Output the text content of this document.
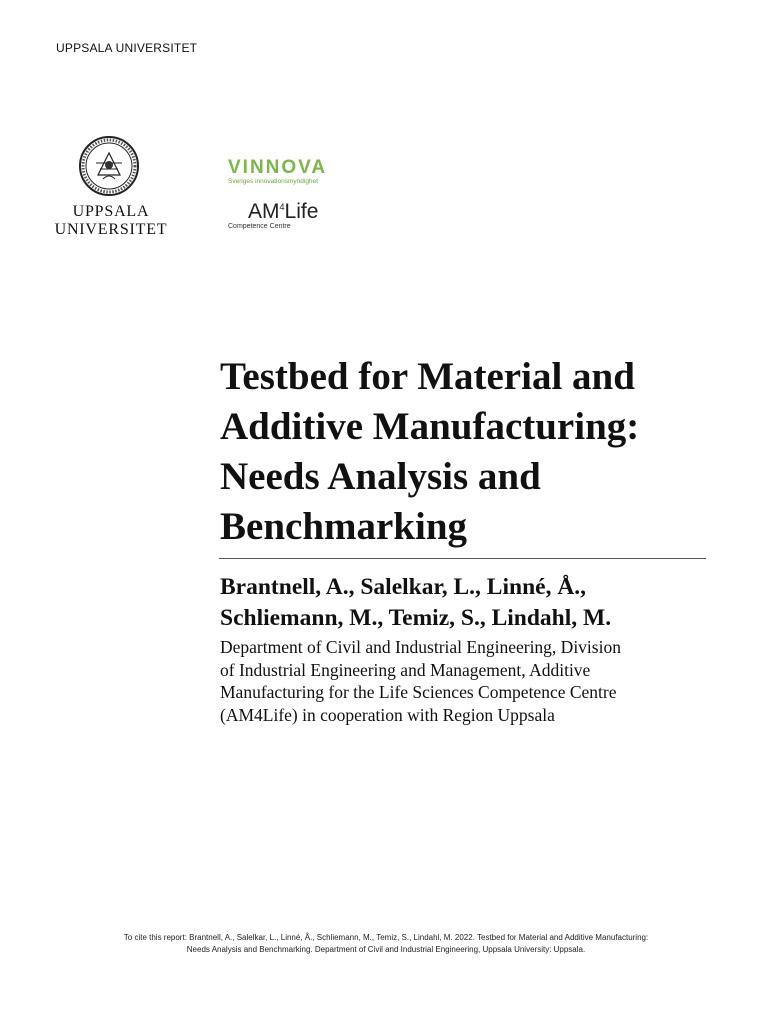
UPPSALA UNIVERSITET
UPPSALA
UNIVERSITET
VINNOVA
Sveriges innovationsmyndighet
$AM^4Life$
Competence Centre
Testbed for Material and
Additive Manufacturing:
Needs Analysis and
Benchmarking
Brantnell, A., Salelkar, L., Linné, Å.,
Schliemann, M., Temiz, S., Lindahl, M.
Department of Civil and Industrial Engineering, Division
of Industrial Engineering and Management, Additive
Manufacturing for the Life Sciences Competence Centre
(AM4Life) in cooperation with Region Uppsala
To cite this report: Brantnell, A., Salelkar, L., Linné, Å., Schliemann, M., Temiz, S., Lindahl, M. 2022. Testbed for Material and Additive Manufacturing:
Needs Analysis and Benchmarking. Department of Civil and Industrial Engineering, Uppsala University: Uppsala.
